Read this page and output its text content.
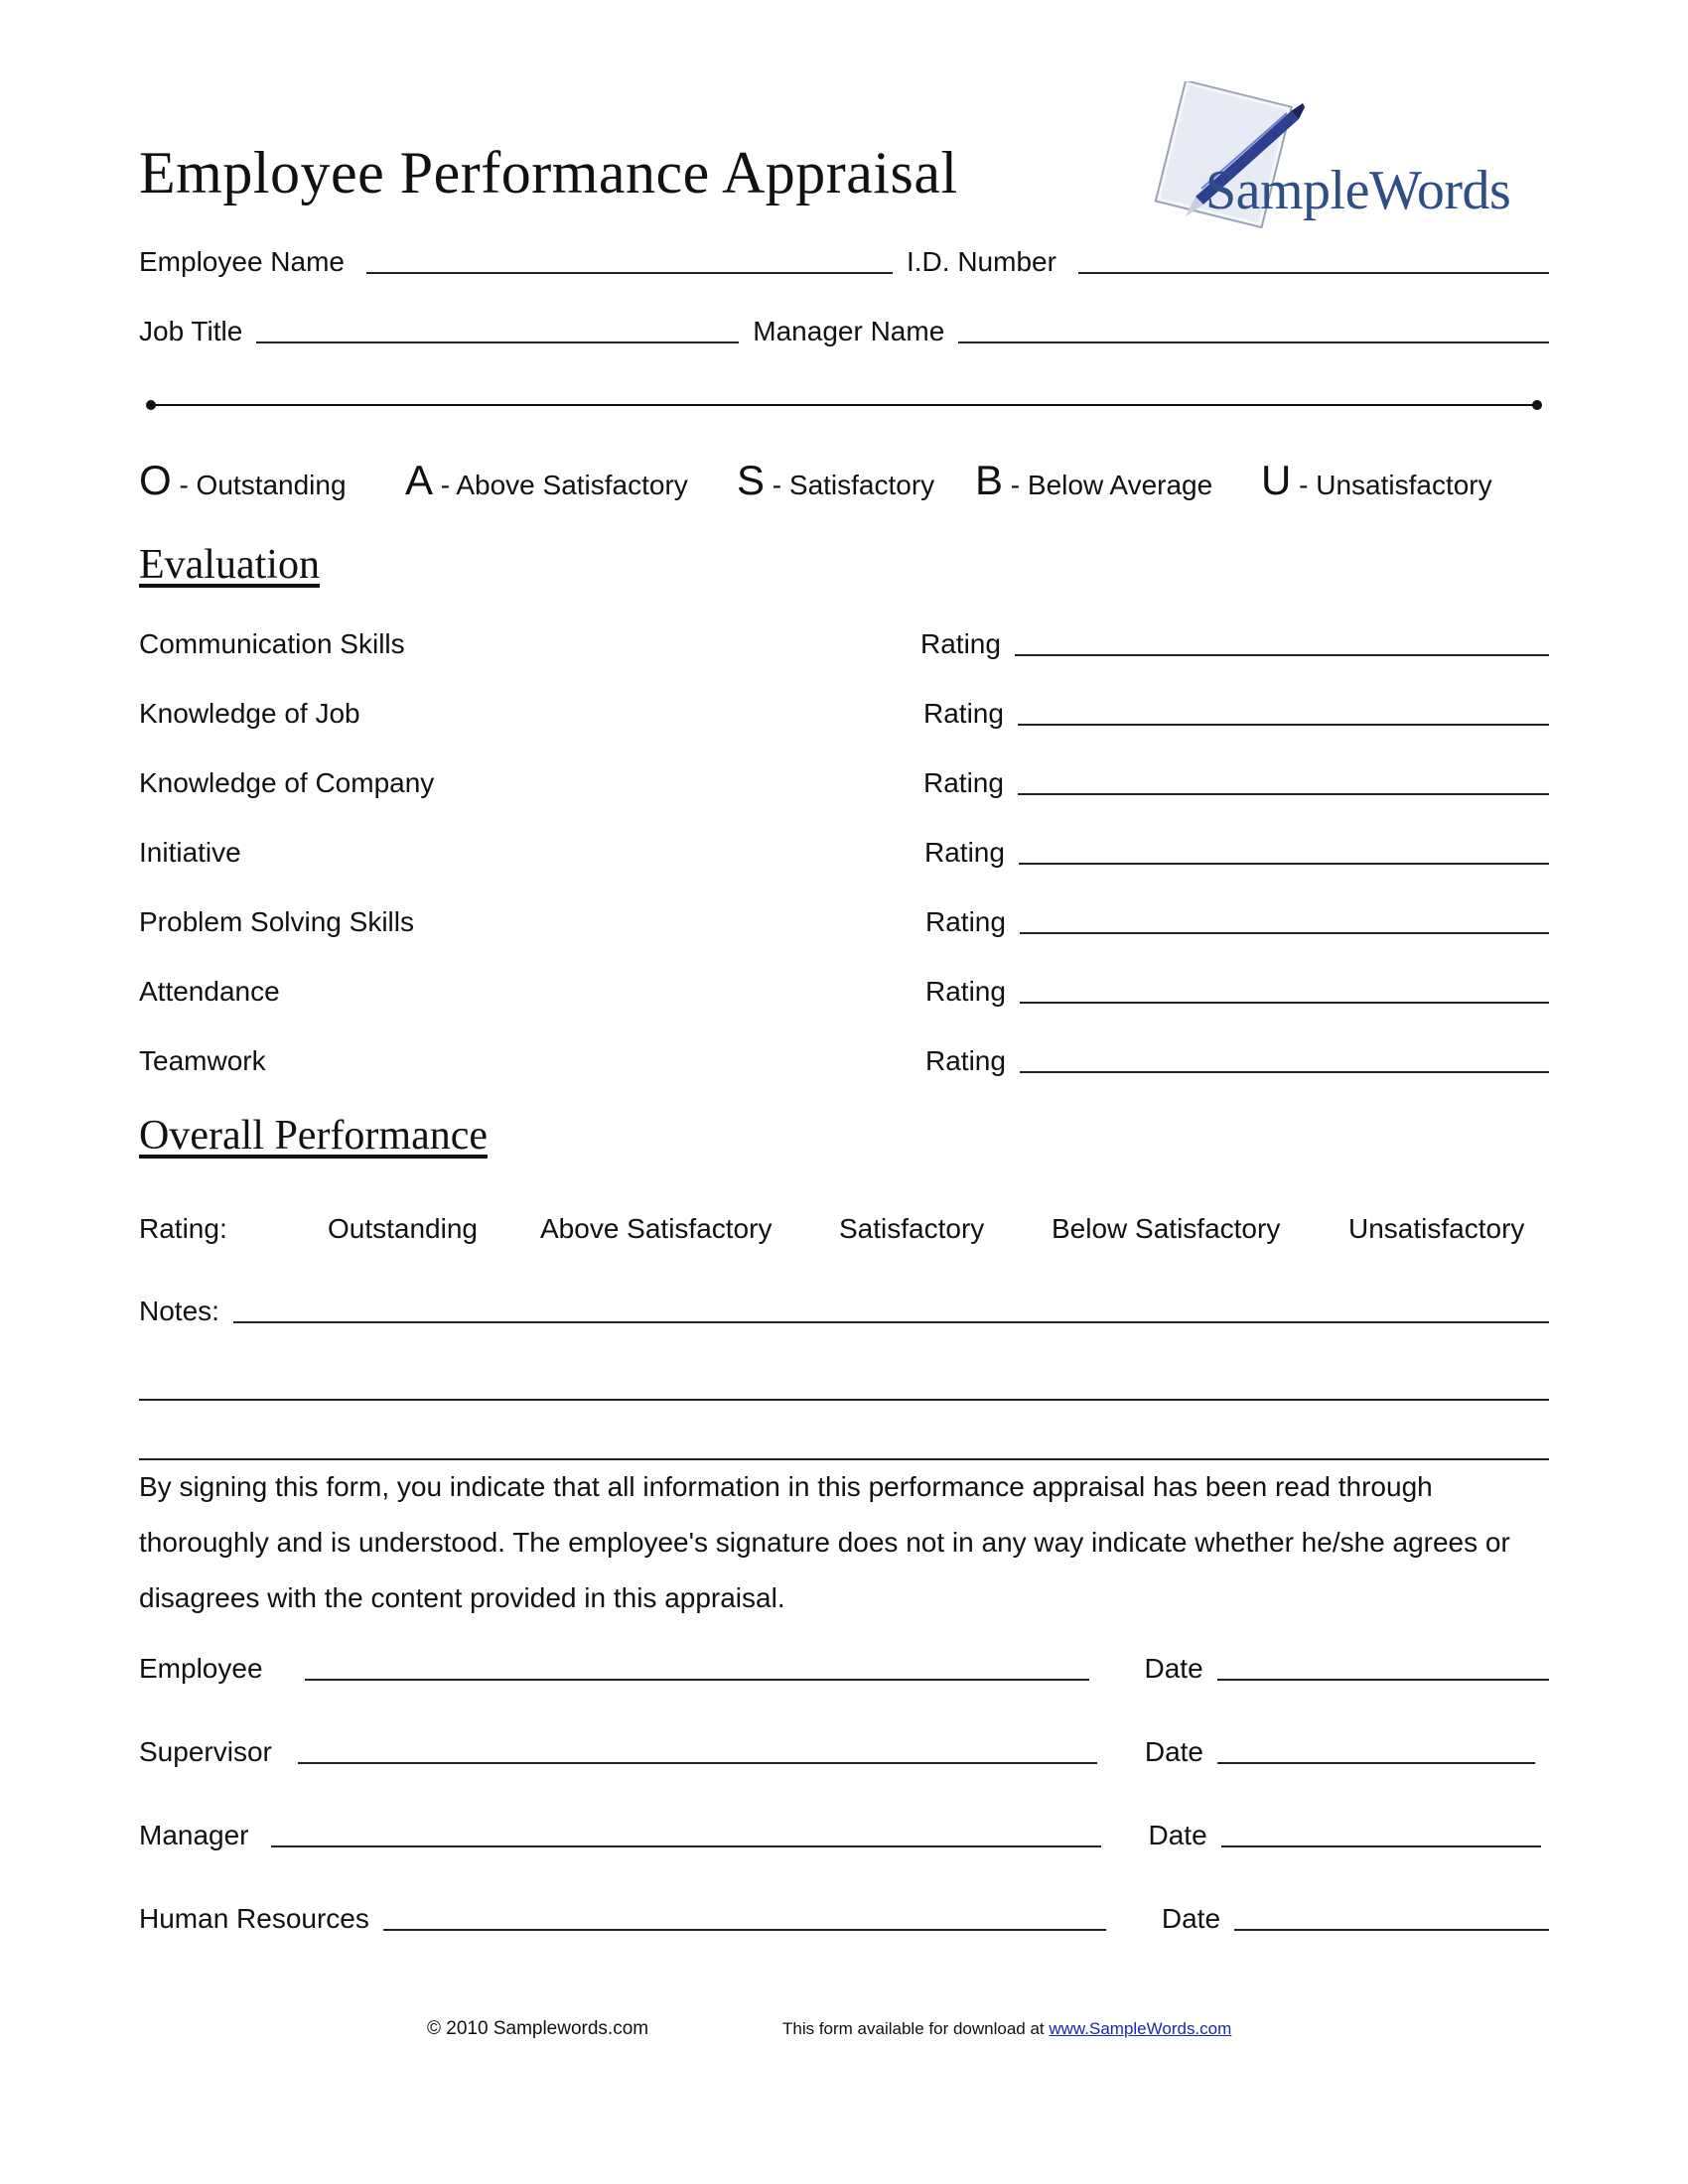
Employee Performance Appraisal	SampleWords
Employee Name	I.D. Number
Job Title	Manager Name
O - Outstanding A - Above Satisfactory S - Satisfactory B - Below Average U - Unsatisfactory
Evaluation
Communication Skills	Rating
Knowledge of Job	Rating
Knowledge of Company	Rating
Initiative	Rating
Problem Solving Skills	Rating
Attendance	Rating
Teamwork	Rating
Overall Performance
Rating:	Outstanding Above Satisfactory Satisfactory Below Satisfactory Unsatisfactory
Notes:
By signing this form, you indicate that all information in this performance appraisal has been read through thoroughly and is understood. The employee's signature does not in any way indicate whether he/she agrees or disagrees with the content provided in this appraisal.
Employee	Date
Supervisor	Date
Manager	Date
Human Resources	Date
© 2010 Samplewords.com	This form available for download at www.SampleWords.com
